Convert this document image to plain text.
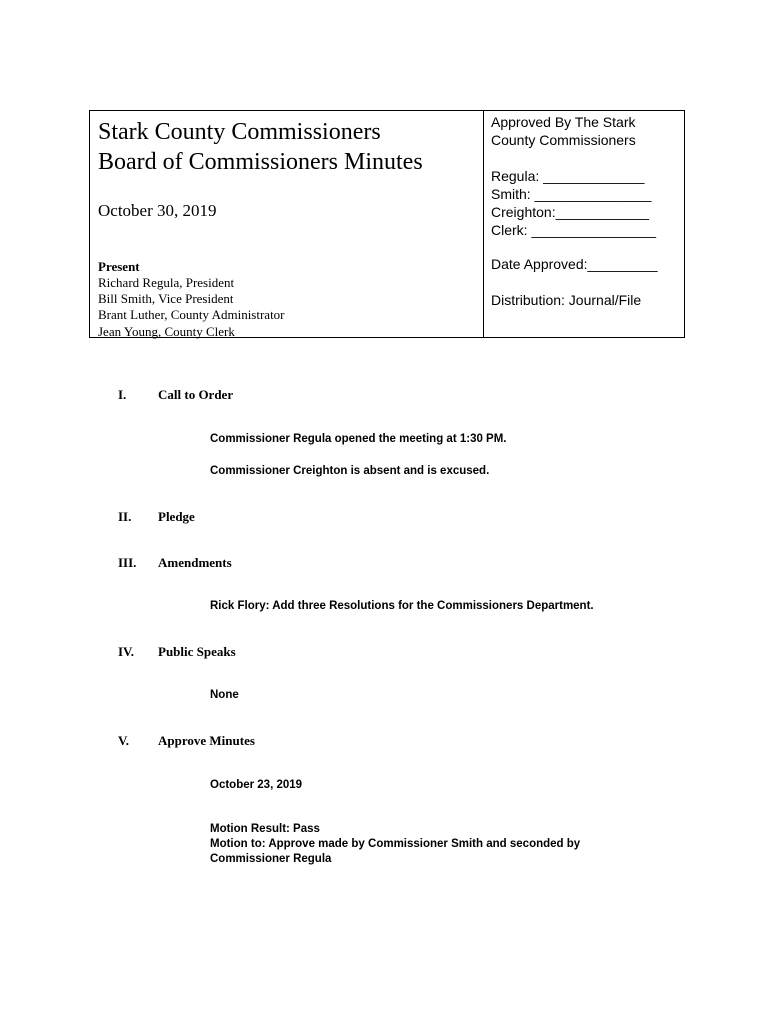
Stark County Commissioners
Board of Commissioners Minutes
October 30, 2019
Present
Richard Regula, President
Bill Smith, Vice President
Brant Luther, County Administrator
Jean Young, County Clerk
Approved By The Stark County Commissioners
Regula: _____________
Smith: _______________
Creighton:____________
Clerk: ________________
Date Approved:_________
Distribution: Journal/File
I. Call to Order
Commissioner Regula opened the meeting at 1:30 PM.
Commissioner Creighton is absent and is excused.
II. Pledge
III. Amendments
Rick Flory: Add three Resolutions for the Commissioners Department.
IV. Public Speaks
None
V. Approve Minutes
October 23, 2019
Motion Result: Pass
Motion to: Approve made by Commissioner Smith and seconded by
Commissioner Regula
